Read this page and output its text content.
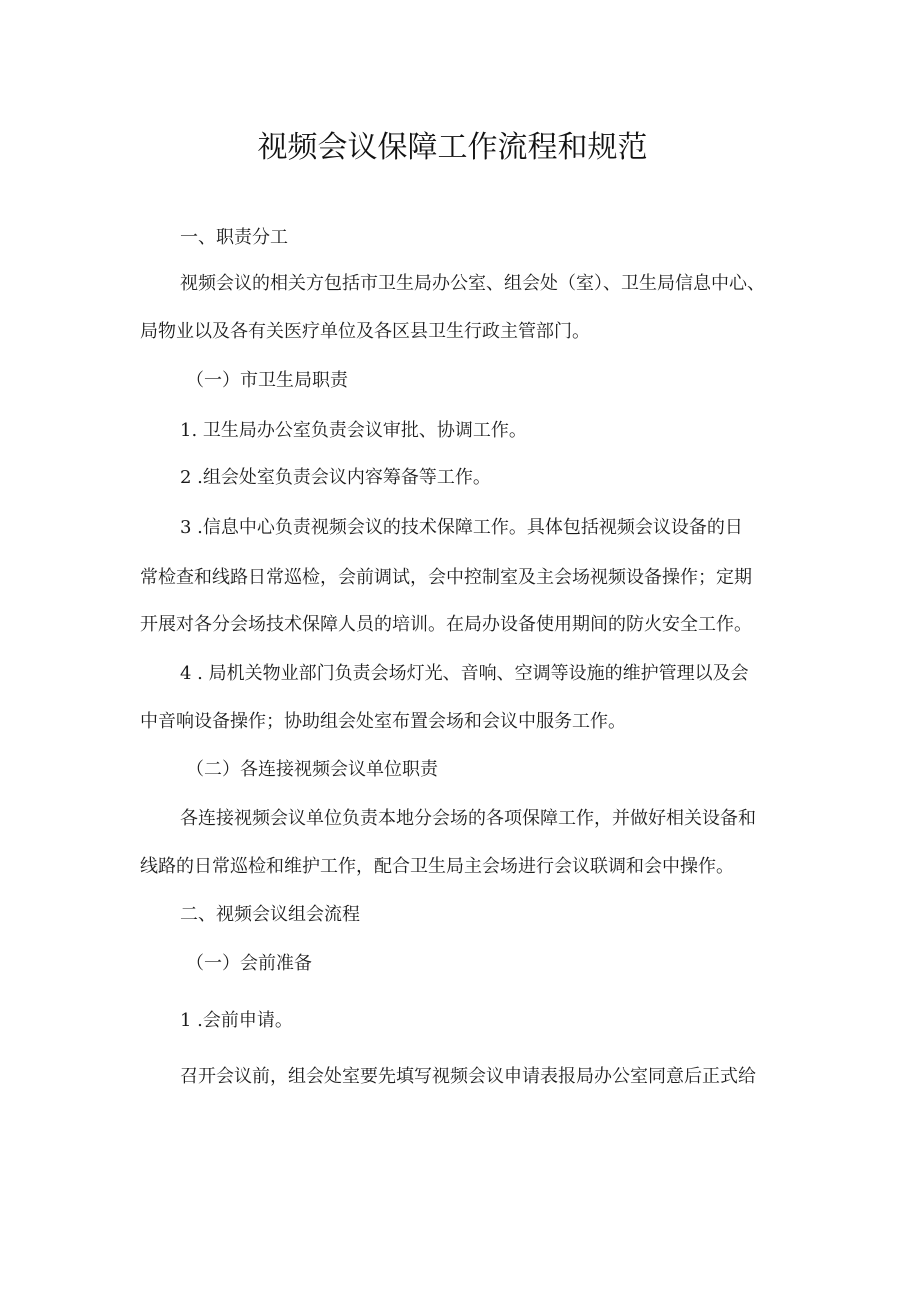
视频会议保障工作流程和规范
一、职责分工
视频会议的相关方包括市卫生局办公室、组会处（室）、卫生局信息中心、
局物业以及各有关医疗单位及各区县卫生行政主管部门。
（一）市卫生局职责
1. 卫生局办公室负责会议审批、协调工作。
2 .组会处室负责会议内容筹备等工作。
3 .信息中心负责视频会议的技术保障工作。具体包括视频会议设备的日
常检查和线路日常巡检，会前调试，会中控制室及主会场视频设备操作；定期
开展对各分会场技术保障人员的培训。在局办设备使用期间的防火安全工作。
4 . 局机关物业部门负责会场灯光、音响、空调等设施的维护管理以及会
中音响设备操作；协助组会处室布置会场和会议中服务工作。
（二）各连接视频会议单位职责
各连接视频会议单位负责本地分会场的各项保障工作，并做好相关设备和
线路的日常巡检和维护工作，配合卫生局主会场进行会议联调和会中操作。
二、视频会议组会流程
（一）会前准备
1 .会前申请。
召开会议前，组会处室要先填写视频会议申请表报局办公室同意后正式给
